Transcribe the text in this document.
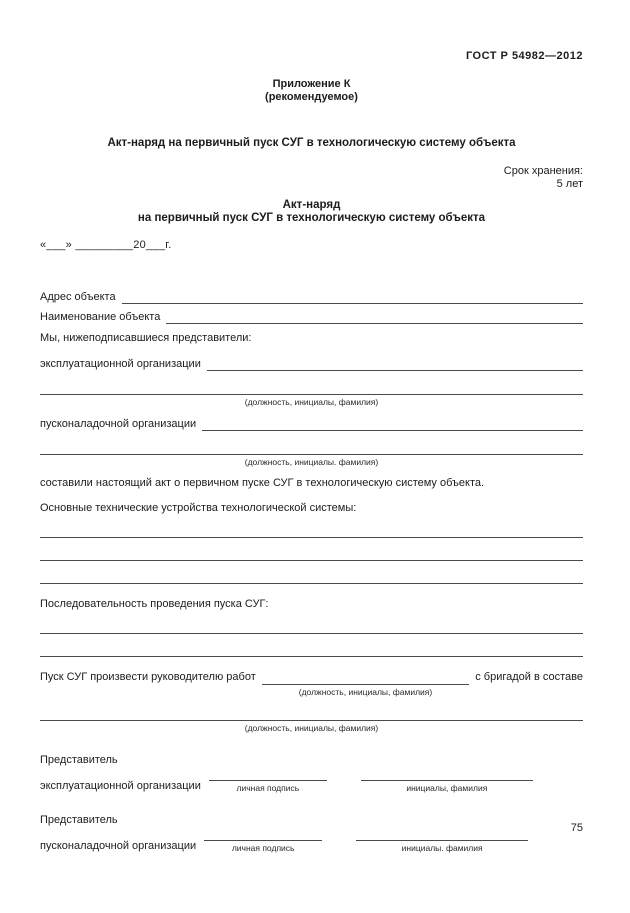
ГОСТ Р 54982—2012
Приложение К
(рекомендуемое)
Акт-наряд на первичный пуск СУГ в технологическую систему объекта
Срок хранения:
5 лет
Акт-наряд
на первичный пуск СУГ в технологическую систему объекта
«___» _________20___г.
Адрес объекта
Наименование объекта
Мы, нижеподписавшиеся представители:
эксплуатационной организации
(должность, инициалы, фамилия)
пусконаладочной организации
(должность, инициалы. фамилия)
составили настоящий акт о первичном пуске СУГ в технологическую систему объекта.
Основные технические устройства технологической системы:
Последовательность проведения пуска СУГ:
Пуск СУГ произвести руководителю работ
(должность, инициалы, фамилия)
с бригадой в составе
(должность, инициалы, фамилия)
Представитель
эксплуатационной организации	личная подпись	инициалы, фамилия
Представитель
пусконаладочной организации	личная подпись	инициалы. фамилия
75
